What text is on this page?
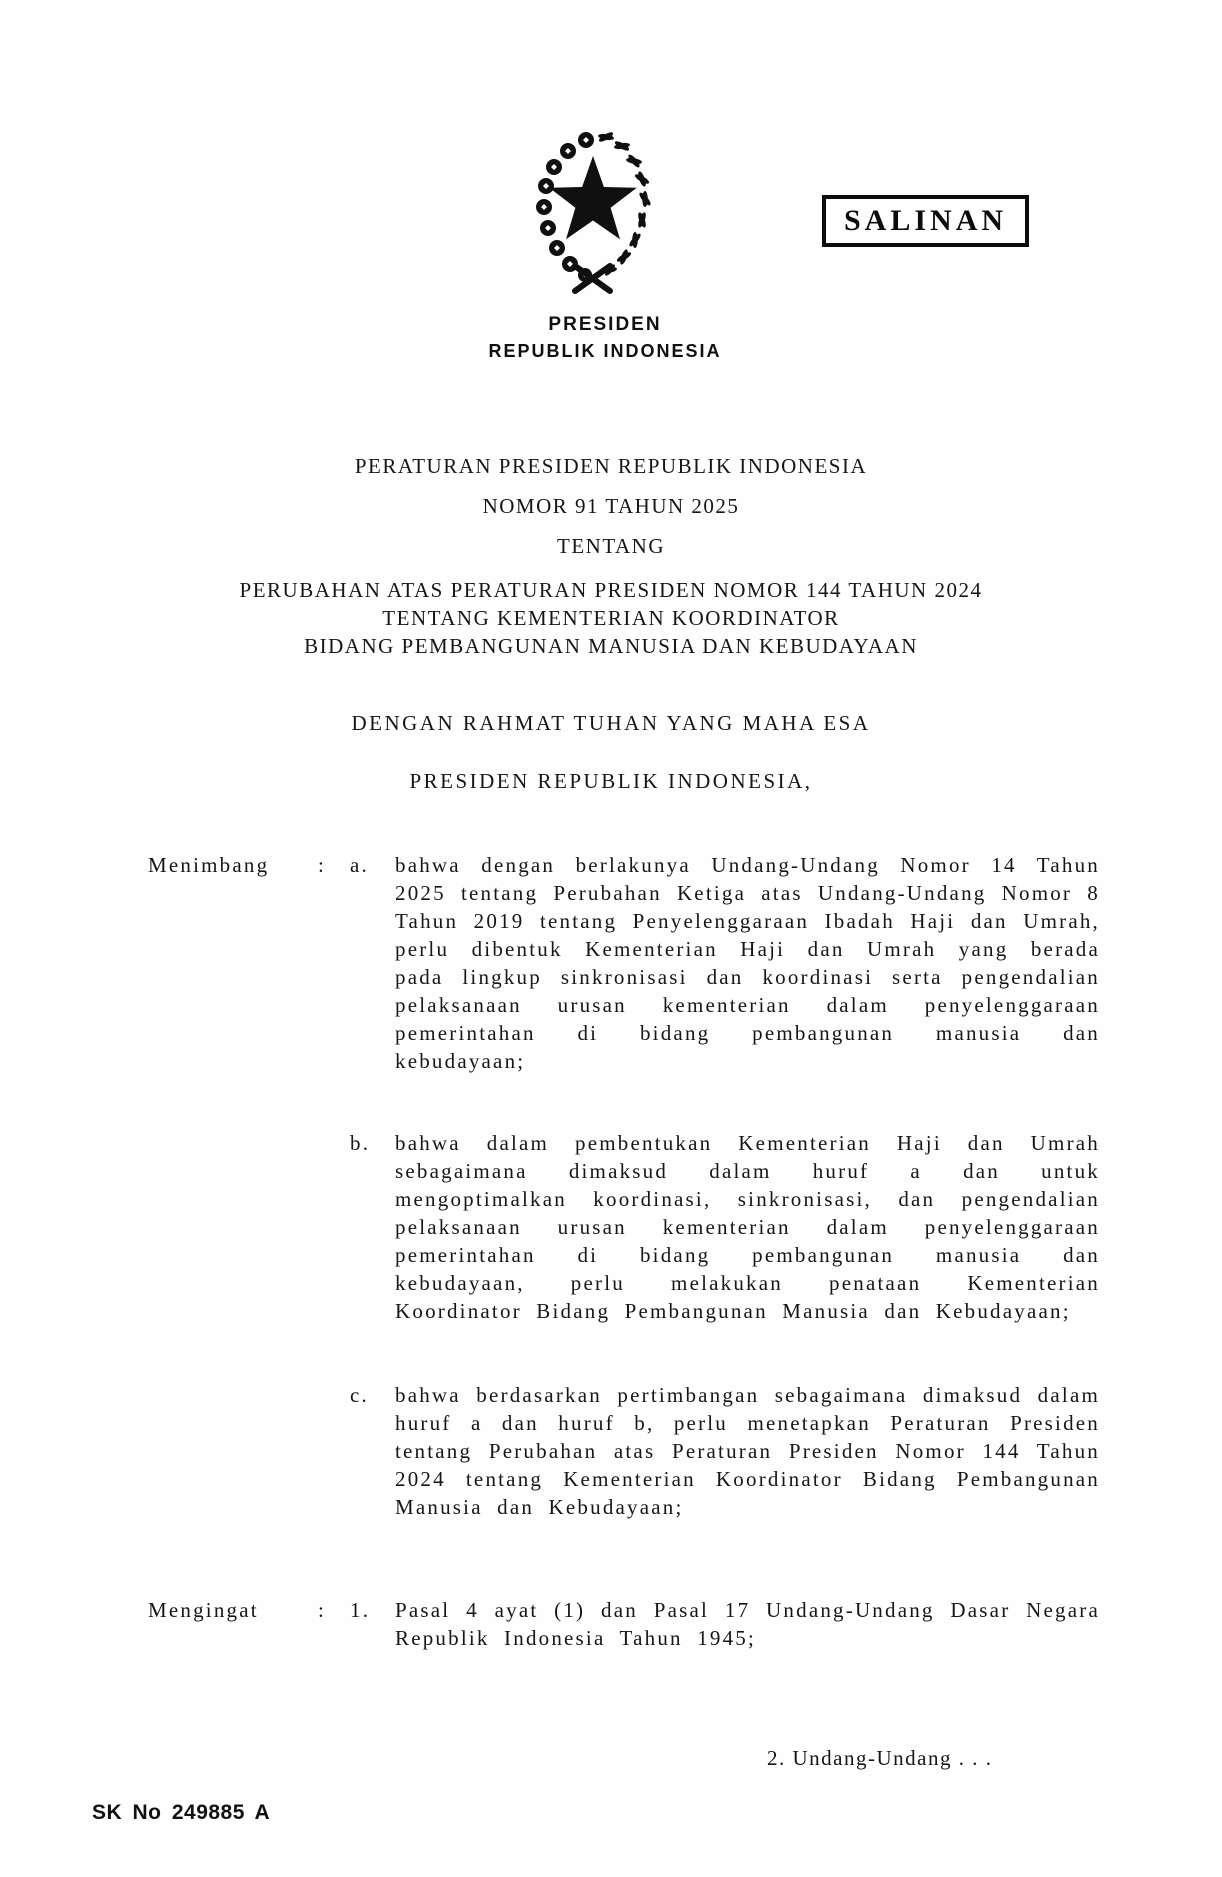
PRESIDEN
REPUBLIK INDONESIA
SALINAN
PERATURAN PRESIDEN REPUBLIK INDONESIA
NOMOR 91 TAHUN 2025
TENTANG
PERUBAHAN ATAS PERATURAN PRESIDEN NOMOR 144 TAHUN 2024
TENTANG KEMENTERIAN KOORDINATOR
BIDANG PEMBANGUNAN MANUSIA DAN KEBUDAYAAN
DENGAN RAHMAT TUHAN YANG MAHA ESA
PRESIDEN REPUBLIK INDONESIA,
Menimbang	:	a.	bahwa dengan berlakunya Undang-Undang Nomor 14 Tahun 2025 tentang Perubahan Ketiga atas Undang-Undang Nomor 8 Tahun 2019 tentang Penyelenggaraan Ibadah Haji dan Umrah, perlu dibentuk Kementerian Haji dan Umrah yang berada pada lingkup sinkronisasi dan koordinasi serta pengendalian pelaksanaan urusan kementerian dalam penyelenggaraan pemerintahan di bidang pembangunan manusia dan kebudayaan;
b.	bahwa dalam pembentukan Kementerian Haji dan Umrah sebagaimana dimaksud dalam huruf a dan untuk mengoptimalkan koordinasi, sinkronisasi, dan pengendalian pelaksanaan urusan kementerian dalam penyelenggaraan pemerintahan di bidang pembangunan manusia dan kebudayaan, perlu melakukan penataan Kementerian Koordinator Bidang Pembangunan Manusia dan Kebudayaan;
c.	bahwa berdasarkan pertimbangan sebagaimana dimaksud dalam huruf a dan huruf b, perlu menetapkan Peraturan Presiden tentang Perubahan atas Peraturan Presiden Nomor 144 Tahun 2024 tentang Kementerian Koordinator Bidang Pembangunan Manusia dan Kebudayaan;
Mengingat	:	1.	Pasal 4 ayat (1) dan Pasal 17 Undang-Undang Dasar Negara Republik Indonesia Tahun 1945;
2. Undang-Undang . . .
SK No 249885 A
